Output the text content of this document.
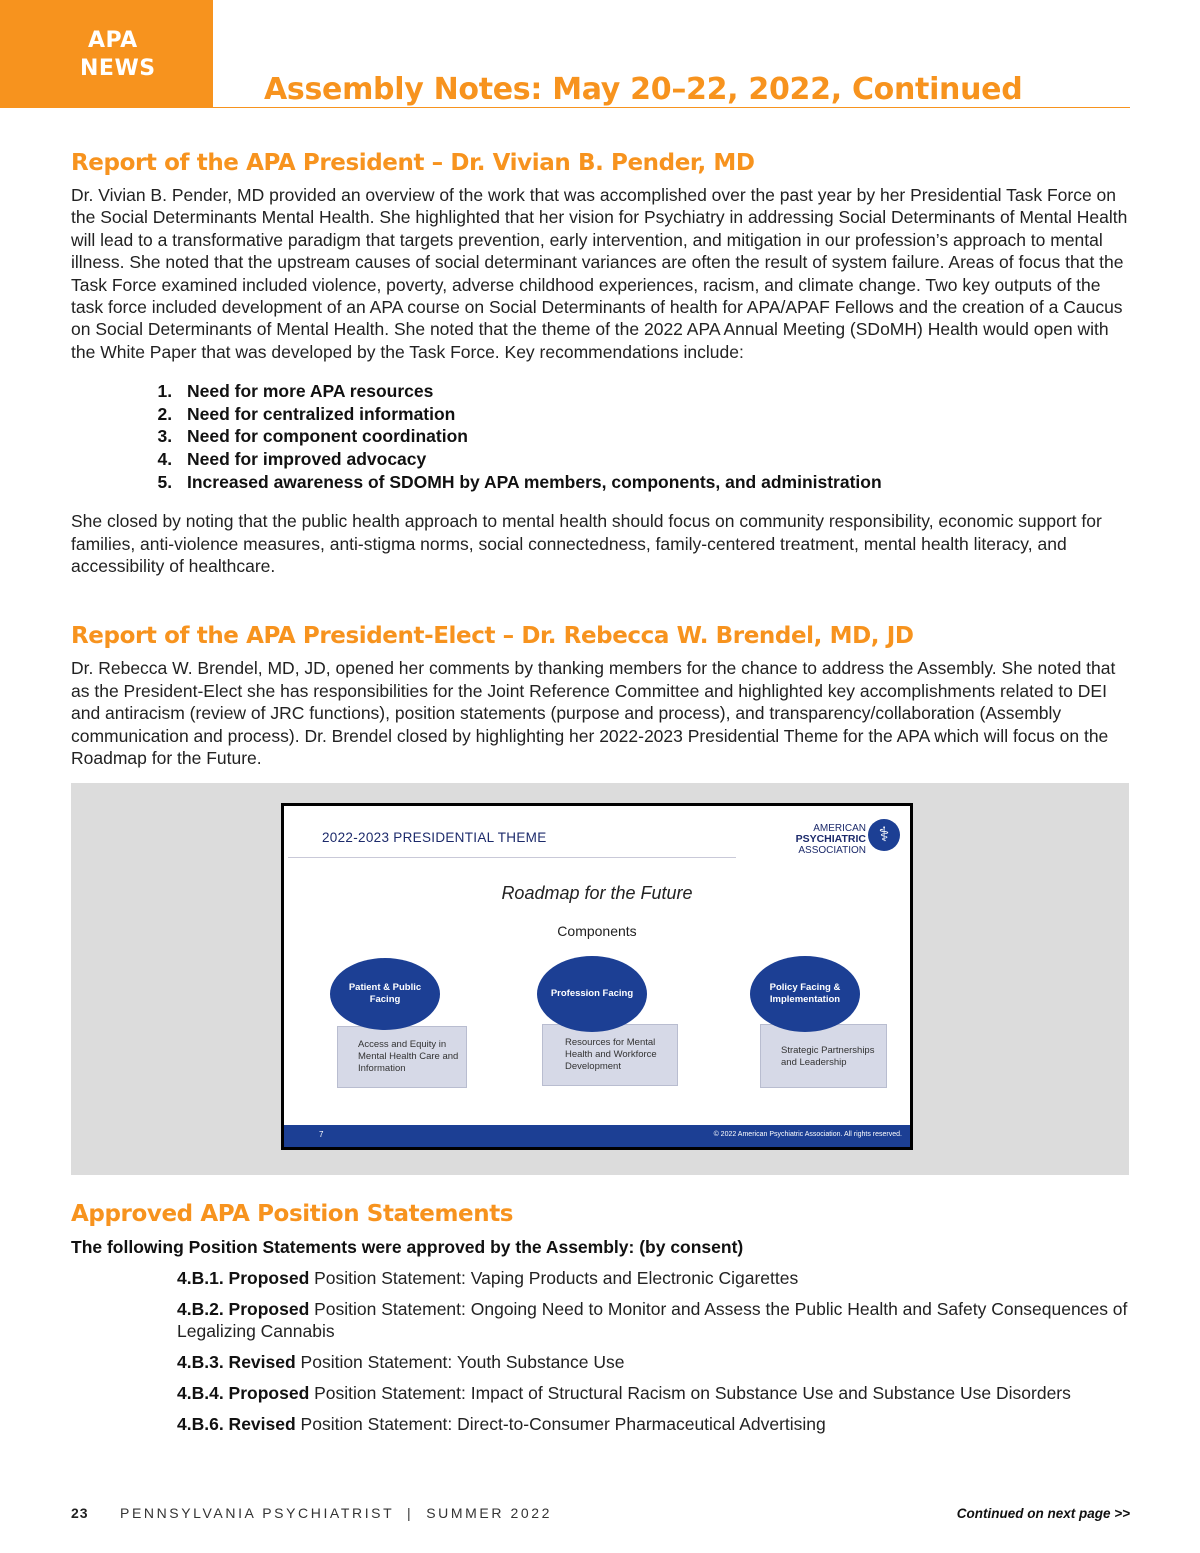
APA
NEWS
Assembly Notes: May 20–22, 2022, Continued
Report of the APA President – Dr. Vivian B. Pender, MD

Dr. Vivian B. Pender, MD provided an overview of the work that was accomplished over the past year by her Presidential Task Force on the Social Determinants Mental Health. She highlighted that her vision for Psychiatry in addressing Social Determinants of Mental Health will lead to a transformative paradigm that targets prevention, early intervention, and mitigation in our profession’s approach to mental illness. She noted that the upstream causes of social determinant variances are often the result of system failure. Areas of focus that the Task Force examined included violence, poverty, adverse childhood experiences, racism, and climate change. Two key outputs of the task force included development of an APA course on Social Determinants of health for APA/APAF Fellows and the creation of a Caucus on Social Determinants of Mental Health. She noted that the theme of the 2022 APA Annual Meeting (SDoMH) Health would open with the White Paper that was developed by the Task Force. Key recommendations include:

1. Need for more APA resources
2. Need for centralized information
3. Need for component coordination
4. Need for improved advocacy
5. Increased awareness of SDOMH by APA members, components, and administration

She closed by noting that the public health approach to mental health should focus on community responsibility, economic support for families, anti-violence measures, anti-stigma norms, social connectedness, family-centered treatment, mental health literacy, and accessibility of healthcare.

Report of the APA President-Elect – Dr. Rebecca W. Brendel, MD, JD

Dr. Rebecca W. Brendel, MD, JD, opened her comments by thanking members for the chance to address the Assembly. She noted that as the President-Elect she has responsibilities for the Joint Reference Committee and highlighted key accomplishments related to DEI and antiracism (review of JRC functions), position statements (purpose and process), and transparency/collaboration (Assembly communication and process). Dr. Brendel closed by highlighting her 2022-2023 Presidential Theme for the APA which will focus on the Roadmap for the Future.

2022-2023 PRESIDENTIAL THEME
AMERICAN
PSYCHIATRIC
ASSOCIATION
⚕
Roadmap for the Future
Components
Access and Equity in Mental Health Care and Information
Patient & Public Facing
Resources for Mental Health and Workforce Development
Profession Facing
Strategic Partnerships and Leadership
Policy Facing & Implementation
7	© 2022 American Psychiatric Association. All rights reserved.
Approved APA Position Statements

The following Position Statements were approved by the Assembly: (by consent)

4.B.1. Proposed Position Statement: Vaping Products and Electronic Cigarettes
4.B.2. Proposed Position Statement: Ongoing Need to Monitor and Assess the Public Health and Safety Consequences of Legalizing Cannabis
4.B.3. Revised Position Statement: Youth Substance Use
4.B.4. Proposed Position Statement: Impact of Structural Racism on Substance Use and Substance Use Disorders
4.B.6. Revised Position Statement: Direct-to-Consumer Pharmaceutical Advertising
23 PENNSYLVANIA PSYCHIATRIST  |  SUMMER 2022	Continued on next page >>
